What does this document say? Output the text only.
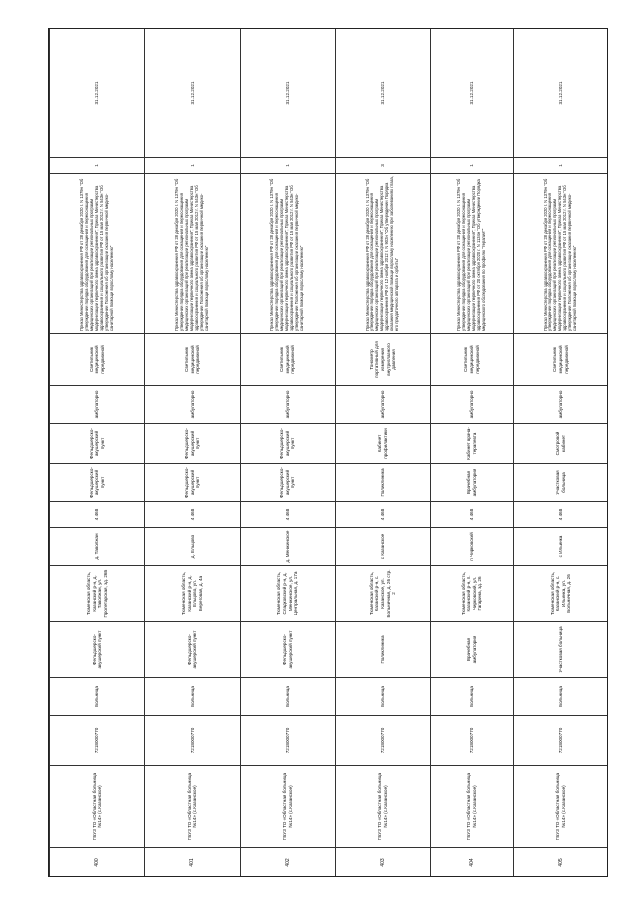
400	ГБУЗ ТО «Областная больница №14» (с.Казанское)	7218000770	Больница	Фельдшерско-акушерский пункт	Тюменская область, Казанский р-н, д. Таволжан, ул. Пролетарская, зд. 26Б	д. Таволжан	4 468	Фельдшерско-акушерский пункт	Фельдшерско-акушерский пункт	амбулаторно	Светильник медицинский передвижной	Приказ Министерства здравоохранения РФ от 28 декабря 2020 г. N 1379н "Об утверждении порядка оборудования для оснащения и переоснащения медицинских организаций при реализации региональных программ модернизации первичного звена здравоохранения"; Приказ Министерства здравоохранения и социального развития РФ от 15 мая 2012 г. N 543н "Об утверждении Положения об организации оказания первичной медико-санитарной помощи взрослому населению"	1	31.12.2021
401	ГБУЗ ТО «Областная больница №14» (с.Казанское)	7218000770	Больница	Фельдшерско-акушерский пункт	Тюменская область, Казанский р-н, д. Ельцово, ул. Береговая, д. 4а	д. Ельцово	4 468	Фельдшерско-акушерский пункт	Фельдшерско-акушерский пункт	амбулаторно	Светильник медицинский передвижной	Приказ Министерства здравоохранения РФ от 28 декабря 2020 г. N 1379н "Об утверждении порядка оборудования для оснащения и переоснащения медицинских организаций при реализации региональных программ модернизации первичного звена здравоохранения"; Приказ Министерства здравоохранения и социального развития РФ от 15 мая 2012 г. N 543н "Об утверждении Положения об организации оказания первичной медико-санитарной помощи взрослому населению"	1	31.12.2021
402	ГБУЗ ТО «Областная больница №14» (с.Казанское)	7218000770	Больница	Фельдшерско-акушерский пункт	Тюменская область, Сладковский р-н, д. Менжинское, ул. Центральная, д. 17а	д. Менжинское	4 468	Фельдшерско-акушерский пункт	Фельдшерско-акушерский пункт	амбулаторно	Светильник медицинский передвижной	Приказ Министерства здравоохранения РФ от 28 декабря 2020 г. N 1379н "Об утверждении порядка оборудования для оснащения и переоснащения медицинских организаций при реализации региональных программ модернизации первичного звена здравоохранения"; Приказ Министерства здравоохранения и социального развития РФ от 15 мая 2012 г. N 543н "Об утверждении Положения об организации оказания первичной медико-санитарной помощи взрослому населению"	1	31.12.2021
403	ГБУЗ ТО «Областная больница №14» (с.Казанское)	7218000770	Больница	Поликлиника	Тюменская область, Казанский р-н, с. Казанское, ул. Больничная, д. 26 стр. 2	с Казанское	4 468	Поликлиника	Кабинет профилактики	амбулаторно	Тонометр портативный для измерения внутриглазного давления	Приказ Министерства здравоохранения РФ от 28 декабря 2020 г. N 1379н "Об утверждении порядка оборудования для оснащения и переоснащения медицинских организаций при реализации региональных программ модернизации первичного звена здравоохранения"; Приказ Министерства здравоохранения РФ от 12 ноября 2012 г. N 902н "Об утверждении Порядка оказания медицинской помощи взрослому населению при заболеваниях глаза, его придаточного аппарата и орбиты"	3	31.12.2021
404	ГБУЗ ТО «Областная больница №14» (с.Казанское)	7218000770	Больница	Врачебная амбулатория	Тюменская область, Казанский р-н, п. Чирковский, ул. Гагарина, зд. 26	п Чирковский	4 468	Врачебная амбулатория	Кабинет врача-терапевта	амбулаторно	Светильник медицинский передвижной	Приказ Министерства здравоохранения РФ от 28 декабря 2020 г. N 1379н "Об утверждении порядка оборудования для оснащения и переоснащения медицинских организаций при реализации региональных программ модернизации первичного звена здравоохранения"; Приказ Министерства здравоохранения РФ от 20 октября 2020 г. N 1134н "Об утверждении Порядка медицинского обследования по профилю "терапия""	1	31.12.2021
405	ГБУЗ ТО «Областная больница №14» (с.Казанское)	7218000770	Больница	Участковая больница	Тюменская область, Казанский р-н, с. Ильинка, ул. Больничная, д. 26	с Ильинка	4 468	Участковая больница	Смотровой кабинет	амбулаторно	Светильник медицинский передвижной	Приказ Министерства здравоохранения РФ от 28 декабря 2020 г. N 1379н "Об утверждении порядка оборудования для оснащения и переоснащения медицинских организаций при реализации региональных программ модернизации первичного звена здравоохранения"; Приказ Министерства здравоохранения и социального развития РФ от 15 мая 2012 г. N 543н "Об утверждении Положения об организации оказания первичной медико-санитарной помощи взрослому населению"	1	31.12.2021
